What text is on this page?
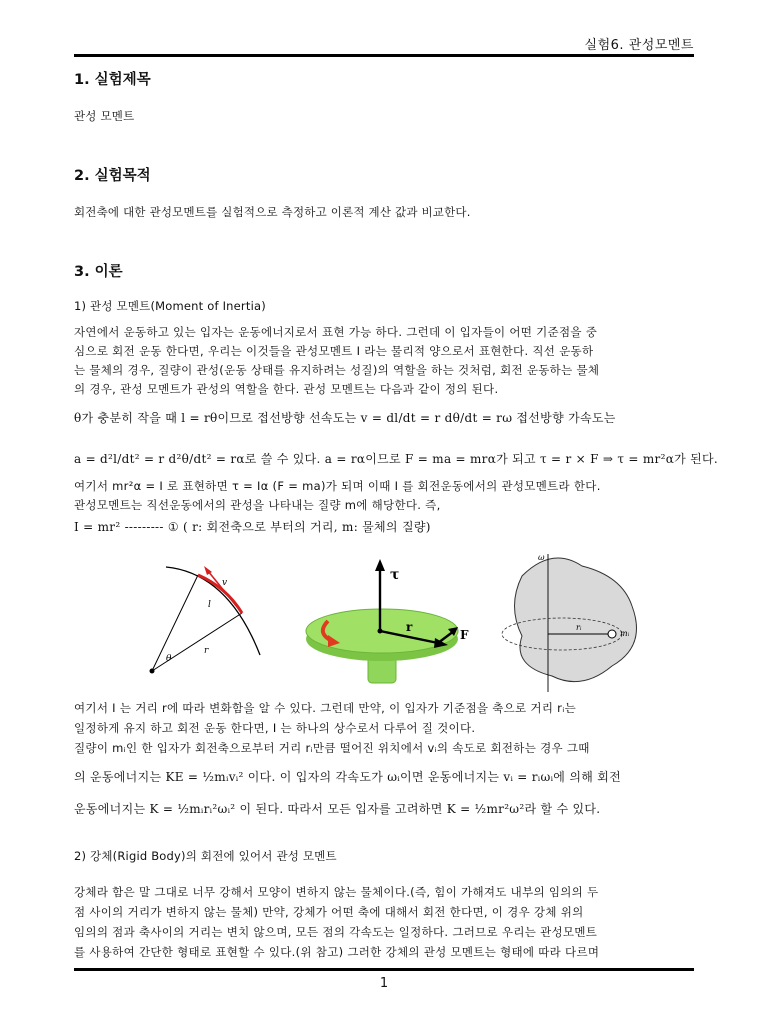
실험6. 관성모멘트
1. 실험제목
관성 모멘트
2. 실험목적
회전축에 대한 관성모멘트를 실험적으로 측정하고 이론적 계산 값과 비교한다.
3. 이론
1) 관성 모멘트(Moment of Inertia)
자연에서 운동하고 있는 입자는 운동에너지로서 표현 가능 하다. 그런데 이 입자들이 어떤 기준점을 중
심으로 회전 운동 한다면, 우리는 이것들을 관성모멘트 I 라는 물리적 양으로서 표현한다. 직선 운동하
는 물체의 경우, 질량이 관성(운동 상태를 유지하려는 성질)의 역할을 하는 것처럼, 회전 운동하는 물체
의 경우, 관성 모멘트가 관성의 역할을 한다. 관성 모멘트는 다음과 같이 정의 된다.
θ가 충분히 작을 때 l = rθ이므로 접선방향 선속도는 v = dl/dt = r dθ/dt = rω 접선방향 가속도는
a = d²l/dt² = r d²θ/dt² = rα로 쓸 수 있다. a = rα이므로 F = ma = mrα가 되고 τ = r × F ⇒ τ = mr²α가 된다.
여기서 mr²α = I 로 표현하면 τ = Iα (F = ma)가 되며 이때 I 를 회전운동에서의 관성모멘트라 한다.
관성모멘트는 직선운동에서의 관성을 나타내는 질량 m에 해당한다. 즉,
I = mr² --------- ① ( r: 회전축으로 부터의 거리, m: 물체의 질량)
v
l
θ
r
τ
r
F
ω
rᵢ
mᵢ
여기서 I 는 거리 r에 따라 변화함을 알 수 있다. 그런데 만약, 이 입자가 기준점을 축으로 거리 rᵢ는
일정하게 유지 하고 회전 운동 한다면, I 는 하나의 상수로서 다루어 질 것이다.
질량이 mᵢ인 한 입자가 회전축으로부터 거리 rᵢ만큼 떨어진 위치에서 vᵢ의 속도로 회전하는 경우 그때
의 운동에너지는 KE = ½mᵢvᵢ² 이다. 이 입자의 각속도가 ωᵢ이면 운동에너지는 vᵢ = rᵢωᵢ에 의해 회전
운동에너지는 K = ½mᵢrᵢ²ωᵢ² 이 된다. 따라서 모든 입자를 고려하면 K = ½mr²ω²라 할 수 있다.
2) 강체(Rigid Body)의 회전에 있어서 관성 모멘트
강체라 함은 말 그대로 너무 강해서 모양이 변하지 않는 물체이다.(즉, 힘이 가해져도 내부의 임의의 두
점 사이의 거리가 변하지 않는 물체) 만약, 강체가 어떤 축에 대해서 회전 한다면, 이 경우 강체 위의
임의의 점과 축사이의 거리는 변치 않으며, 모든 점의 각속도는 일정하다. 그러므로 우리는 관성모멘트
를 사용하여 간단한 형태로 표현할 수 있다.(위 참고) 그러한 강체의 관성 모멘트는 형태에 따라 다르며
1
